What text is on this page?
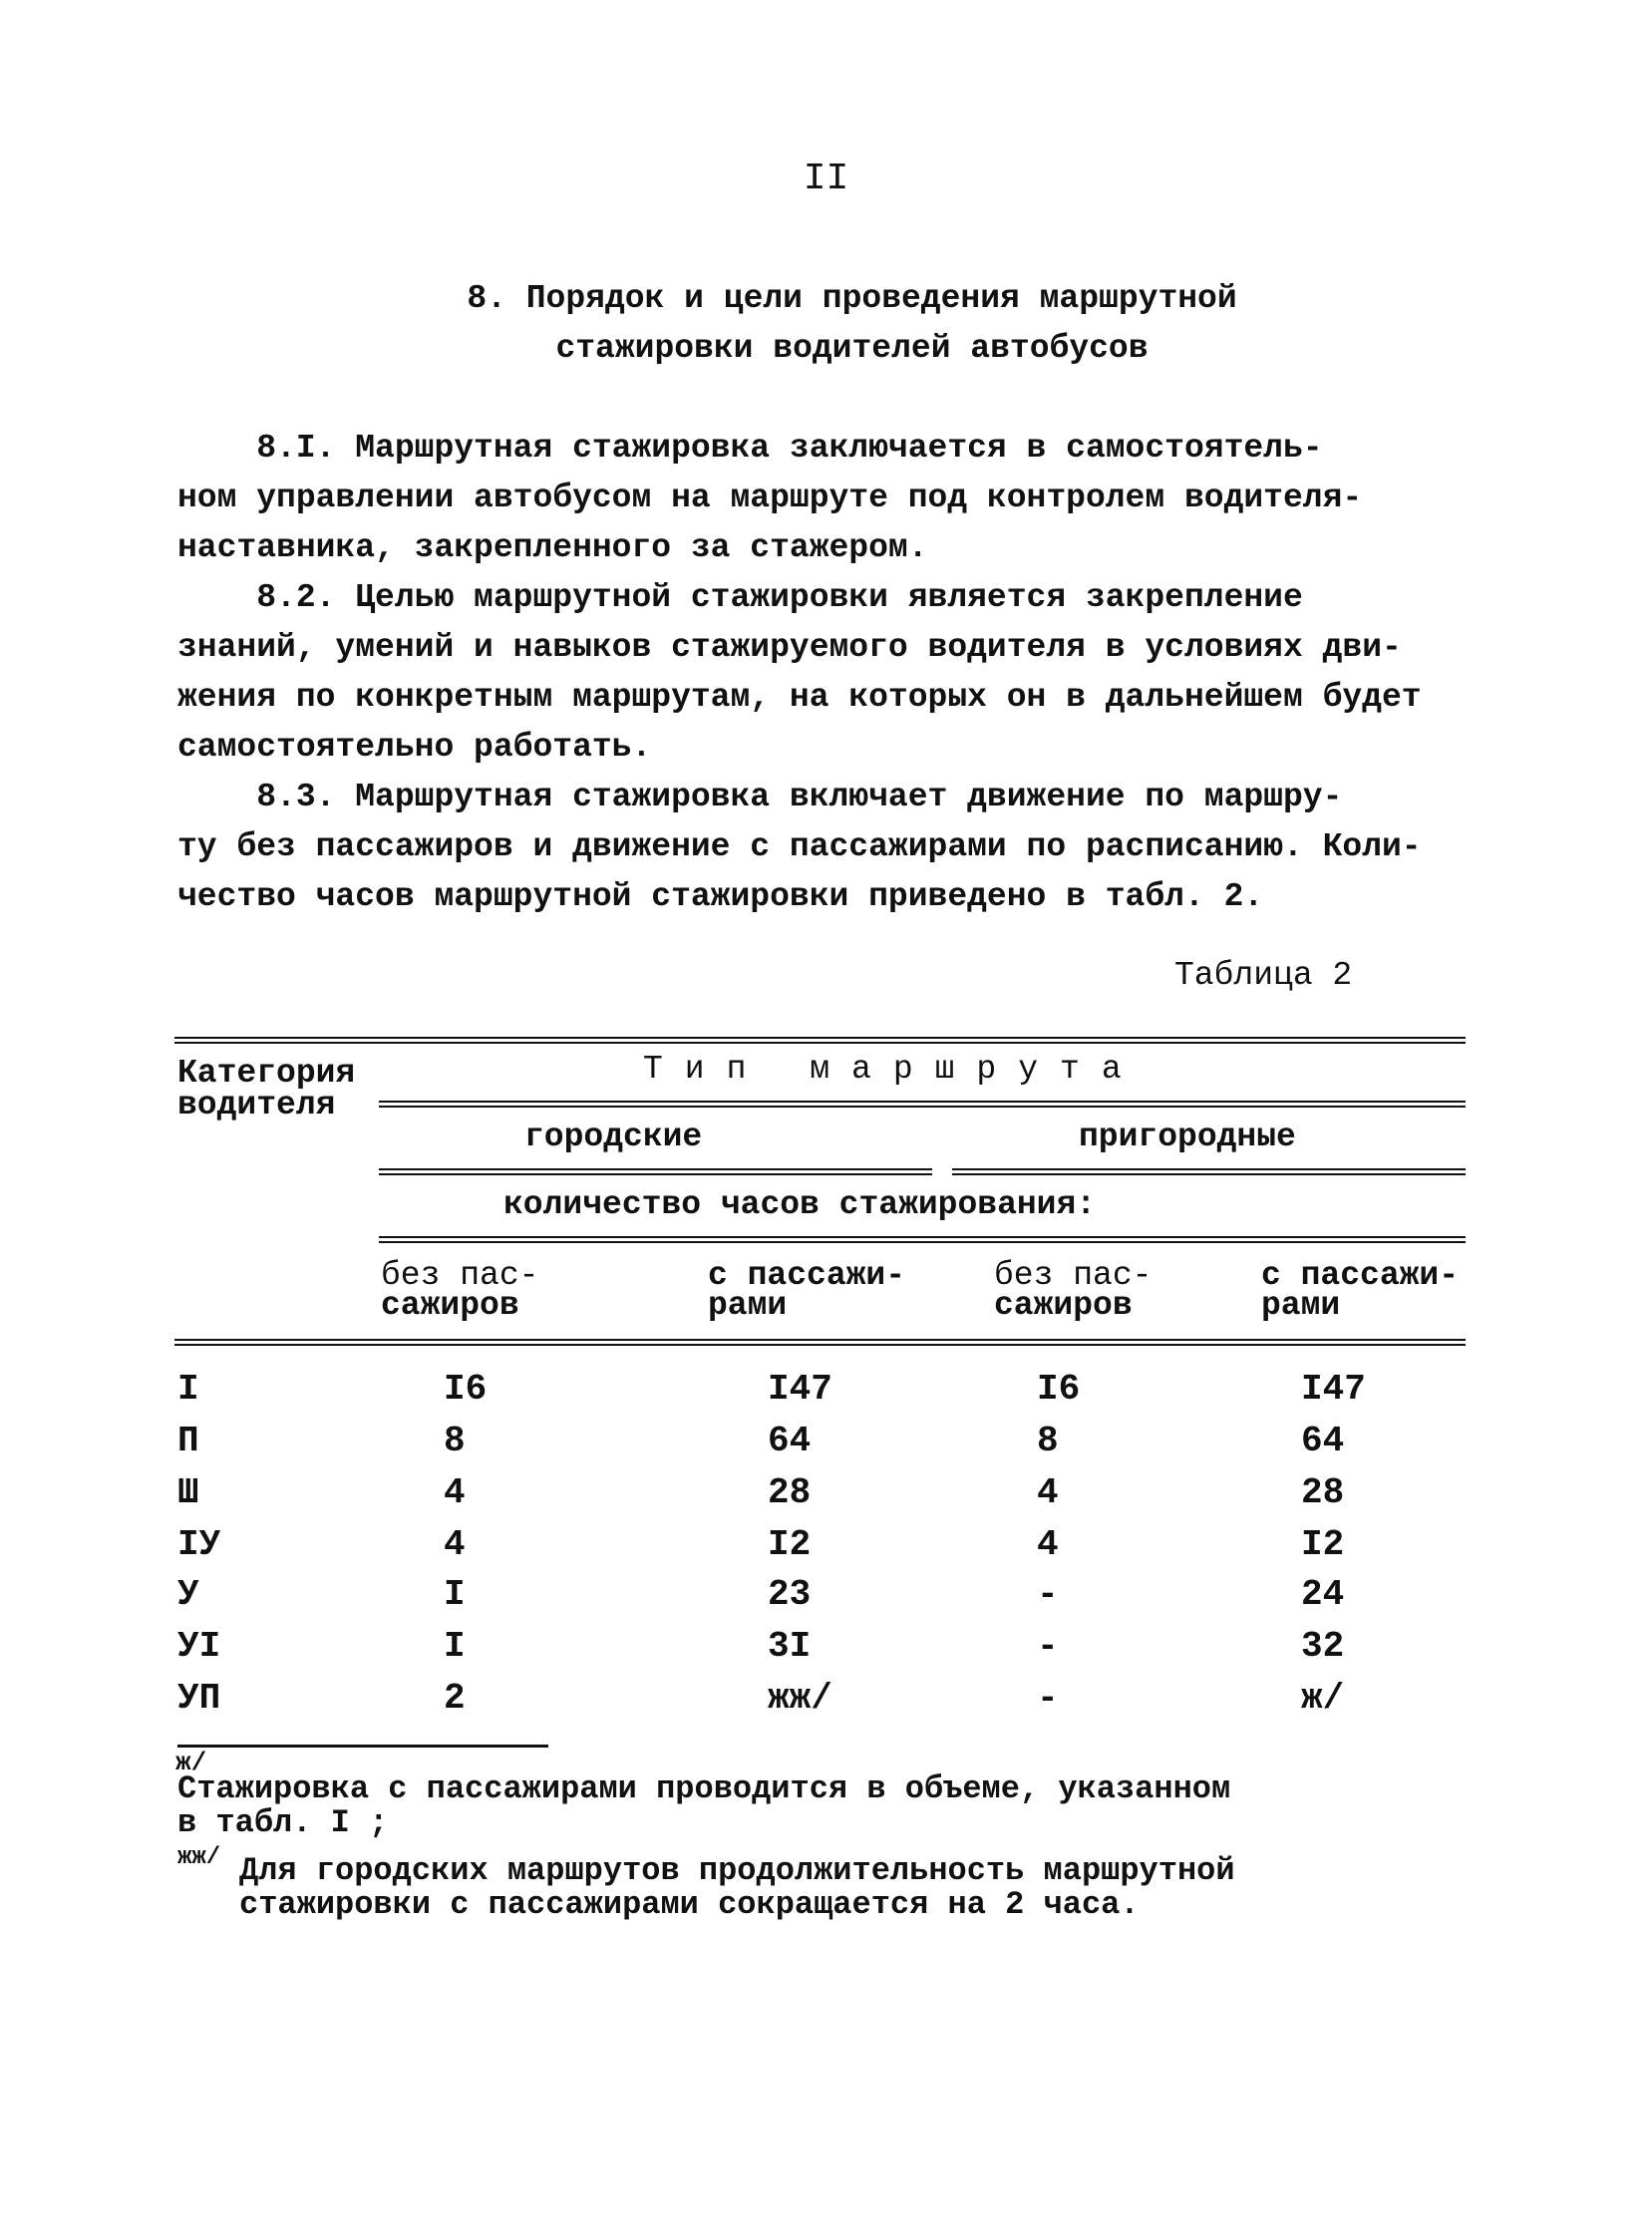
II
8. Порядок и цели проведения маршрутной
стажировки водителей автобусов
8.I. Маршрутная стажировка заключается в самостоятель-
ном управлении автобусом на маршруте под контролем водителя-
наставника, закрепленного за стажером.
8.2. Целью маршрутной стажировки является закрепление
знаний, умений и навыков стажируемого водителя в условиях дви-
жения по конкретным маршрутам, на которых он в дальнейшем будет
самостоятельно работать.
8.3. Маршрутная стажировка включает движение по маршру-
ту без пассажиров и движение с пассажирами по расписанию. Коли-
чество часов маршрутной стажировки приведено в табл. 2.
Таблица 2
Категория
водителя
Тип маршрута
городские	пригородные
количество часов стажирования:
без пас-
сажиров
с пассажи-
рами
без пас-
сажиров
с пассажи-
рами
I	I6	I47	I6	I47
П	8	64	8	64
Ш	4	28	4	28
IУ	4	I2	4	I2
У	I	23	-	24
УI	I	3I	-	32
УП	2	жж/	-	ж/
ж/
Стажировка с пассажирами проводится в объеме, указанном
в табл. I ;
жж/ Для городских маршрутов продолжительность маршрутной
стажировки с пассажирами сокращается на 2 часа.
